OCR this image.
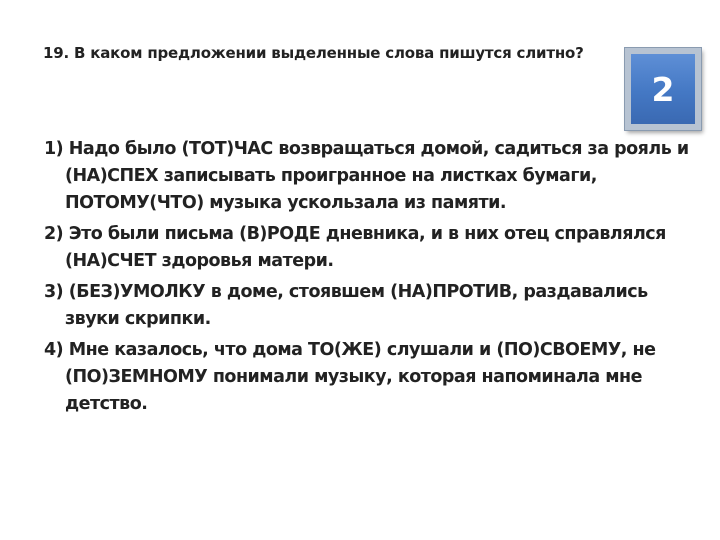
19. В каком предложении выделенные слова пишутся слитно?
1) Надо было (ТОТ)ЧАС возвращаться домой, садиться за рояль и (НА)СПЕХ записывать проигранное на листках бумаги, ПОТОМУ(ЧТО) музыка ускользала из памяти.
2) Это были письма (В)РОДЕ дневника, и в них отец справлялся (НА)СЧЕТ здоровья матери.
3) (БЕЗ)УМОЛКУ в доме, стоявшем (НА)ПРОТИВ, раздавались звуки скрипки.
4) Мне казалось, что дома ТО(ЖЕ) слушали и (ПО)СВОЕМУ, не (ПО)ЗЕМНОМУ понимали музыку, которая напоминала мне детство.
2
